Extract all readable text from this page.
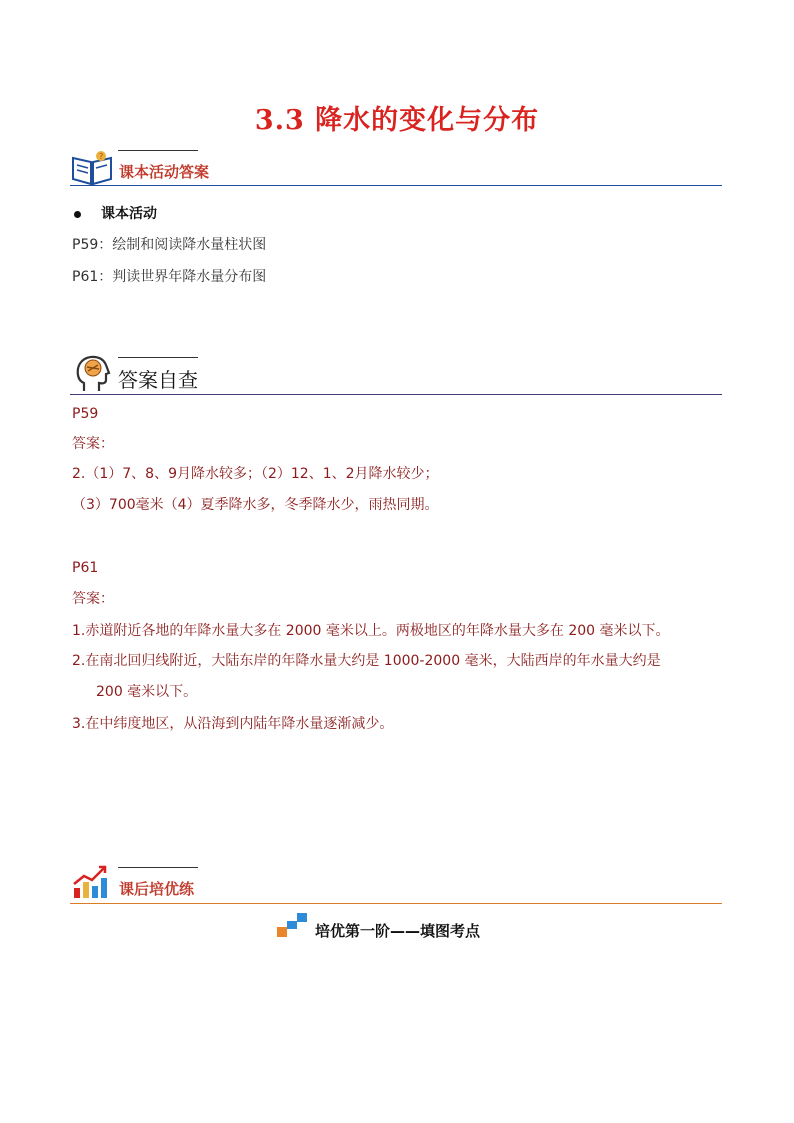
3.3 降水的变化与分布
?
课本活动答案
课本活动
P59：绘制和阅读降水量柱状图
P61：判读世界年降水量分布图
答案自查
P59
答案：
2.（1）7、8、9月降水较多；（2）12、1、2月降水较少；
（3）700毫米（4）夏季降水多，冬季降水少，雨热同期。
P61
答案：
1.赤道附近各地的年降水量大多在 2000 毫米以上。两极地区的年降水量大多在 200 毫米以下。
2.在南北回归线附近，大陆东岸的年降水量大约是 1000-2000 毫米，大陆西岸的年水量大约是
200 毫米以下。
3.在中纬度地区，从沿海到内陆年降水量逐渐减少。
课后培优练
培优第一阶——填图考点
